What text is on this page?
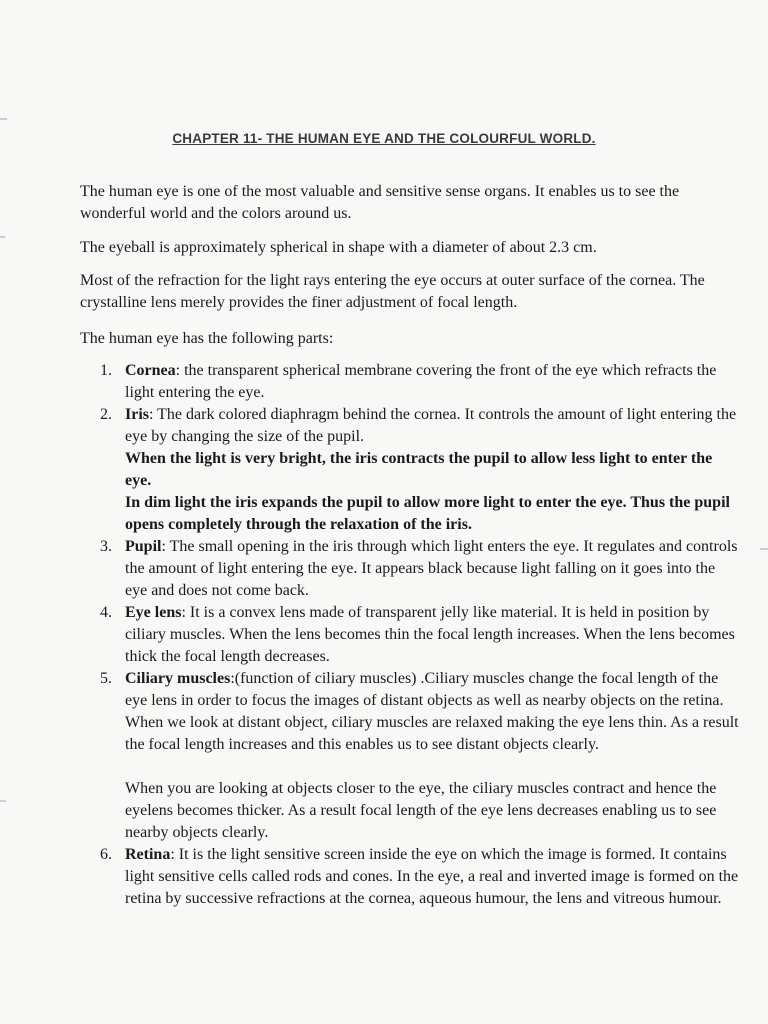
CHAPTER 11- THE HUMAN EYE AND THE COLOURFUL WORLD.

The human eye is one of the most valuable and sensitive sense organs. It enables us to see the wonderful world and the colors around us.

The eyeball is approximately spherical in shape with a diameter of about 2.3 cm.

Most of the refraction for the light rays entering the eye occurs at outer surface of the cornea. The crystalline lens merely provides the finer adjustment of focal length.

The human eye has the following parts:

1. Cornea: the transparent spherical membrane covering the front of the eye which refracts the light entering the eye.
2. Iris: The dark colored diaphragm behind the cornea. It controls the amount of light entering the eye by changing the size of the pupil.
When the light is very bright, the iris contracts the pupil to allow less light to enter the eye.
In dim light the iris expands the pupil to allow more light to enter the eye. Thus the pupil opens completely through the relaxation of the iris.
3. Pupil: The small opening in the iris through which light enters the eye. It regulates and controls the amount of light entering the eye. It appears black because light falling on it goes into the eye and does not come back.
4. Eye lens: It is a convex lens made of transparent jelly like material. It is held in position by ciliary muscles. When the lens becomes thin the focal length increases. When the lens becomes thick the focal length decreases.
5. Ciliary muscles:(function of ciliary muscles) .Ciliary muscles change the focal length of the eye lens in order to focus the images of distant objects as well as nearby objects on the retina.
When we look at distant object, ciliary muscles are relaxed making the eye lens thin. As a result the focal length increases and this enables us to see distant objects clearly.
When you are looking at objects closer to the eye, the ciliary muscles contract and hence the eyelens becomes thicker. As a result focal length of the eye lens decreases enabling us to see nearby objects clearly.
6. Retina: It is the light sensitive screen inside the eye on which the image is formed. It contains light sensitive cells called rods and cones. In the eye, a real and inverted image is formed on the retina by successive refractions at the cornea, aqueous humour, the lens and vitreous humour.
